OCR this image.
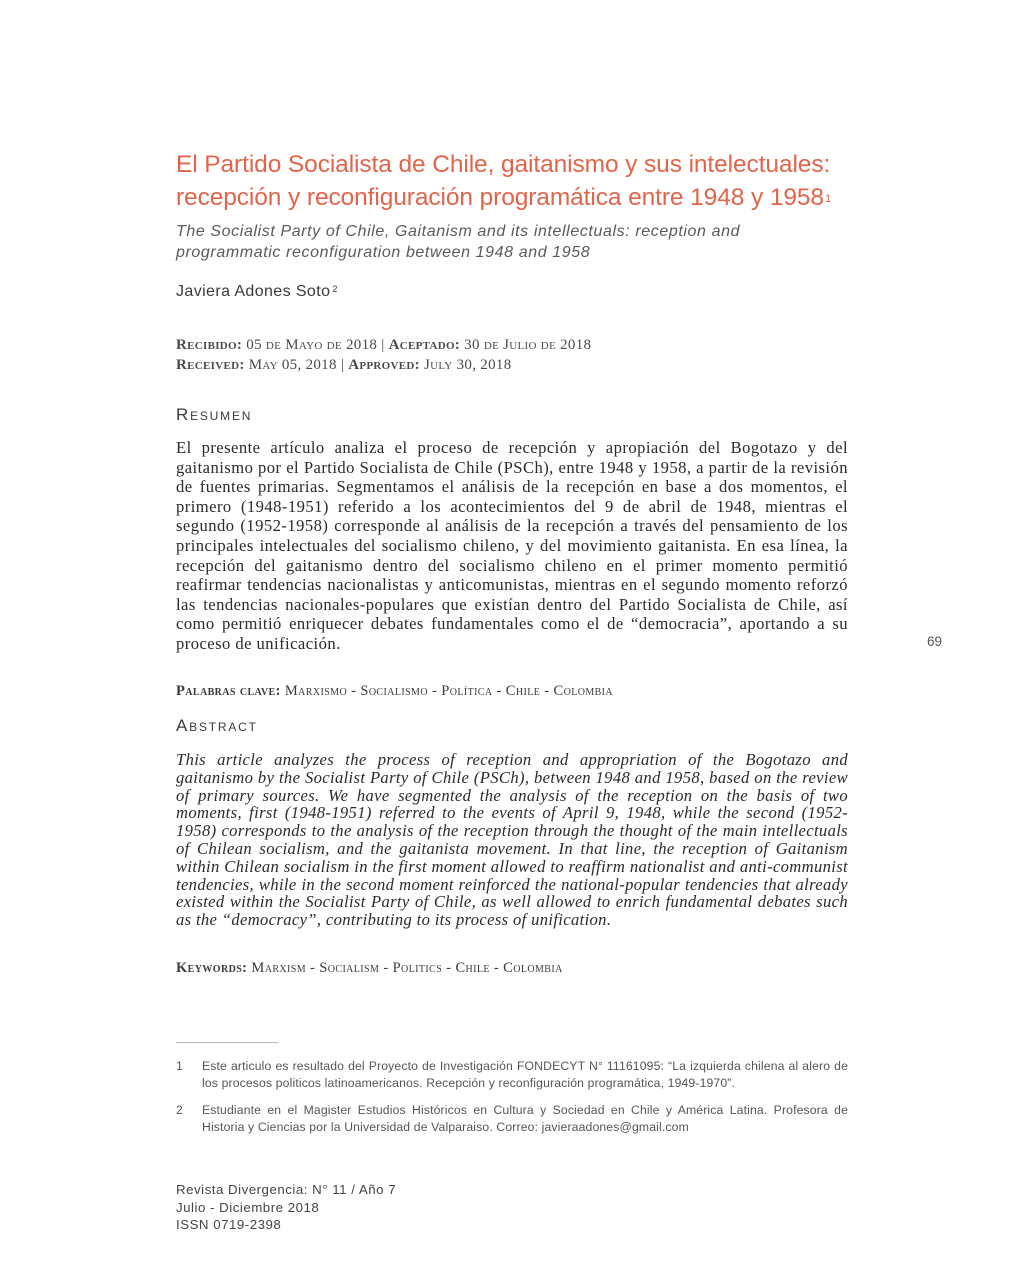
El Partido Socialista de Chile, gaitanismo y sus intelectuales:
recepción y reconfiguración programática entre 1948 y 1958$^1$
The Socialist Party of Chile, Gaitanism and its intellectuals: reception and
programmatic reconfiguration between 1948 and 1958
Javiera Adones Soto $^2$
Recibido: 05 de Mayo de 2018 | Aceptado: 30 de Julio de 2018
Received: May 05, 2018 | Approved: July 30, 2018
Resumen

El presente artículo analiza el proceso de recepción y apropiación del Bogotazo y del gaitanismo por el Partido Socialista de Chile (PSCh), entre 1948 y 1958, a partir de la revisión de fuentes primarias. Segmentamos el análisis de la recepción en base a dos momentos, el primero (1948-1951) referido a los acontecimientos del 9 de abril de 1948, mientras el segundo (1952-1958) corresponde al análisis de la recepción a través del pensamiento de los principales intelectuales del socialismo chileno, y del movimiento gaitanista. En esa línea, la recepción del gaitanismo dentro del socialismo chileno en el primer momento permitió reafirmar tendencias nacionalistas y anticomunistas, mientras en el segundo momento reforzó las tendencias nacionales-populares que existían dentro del Partido Socialista de Chile, así como permitió enriquecer debates fundamentales como el de “democracia”, aportando a su proceso de unificación.

Palabras clave: Marxismo - Socialismo - Política - Chile - Colombia
Abstract

This article analyzes the process of reception and appropriation of the Bogotazo and gaitanismo by the Socialist Party of Chile (PSCh), between 1948 and 1958, based on the review of primary sources. We have segmented the analysis of the reception on the basis of two moments, first (1948-1951) referred to the events of April 9, 1948, while the second (1952-1958) corresponds to the analysis of the reception through the thought of the main intellectuals of Chilean socialism, and the gaitanista movement. In that line, the reception of Gaitanism within Chilean socialism in the first moment allowed to reaffirm nationalist and anti-communist tendencies, while in the second moment reinforced the national-popular tendencies that already existed within the Socialist Party of Chile, as well allowed to enrich fundamental debates such as the “democracy”, contributing to its process of unification.

Keywords: Marxism - Socialism - Politics - Chile - Colombia
69
1 Este articulo es resultado del Proyecto de Investigación FONDECYT N° 11161095: “La izquierda chilena al alero de los procesos politicos latinoamericanos. Recepción y reconfiguración programática, 1949-1970”.
2 Estudiante en el Magister Estudios Históricos en Cultura y Sociedad en Chile y América Latina. Profesora de Historia y Ciencias por la Universidad de Valparaiso. Correo: javieraadones@gmail.com
Revista Divergencia: N° 11 / Año 7
Julio - Diciembre 2018
ISSN 0719-2398
